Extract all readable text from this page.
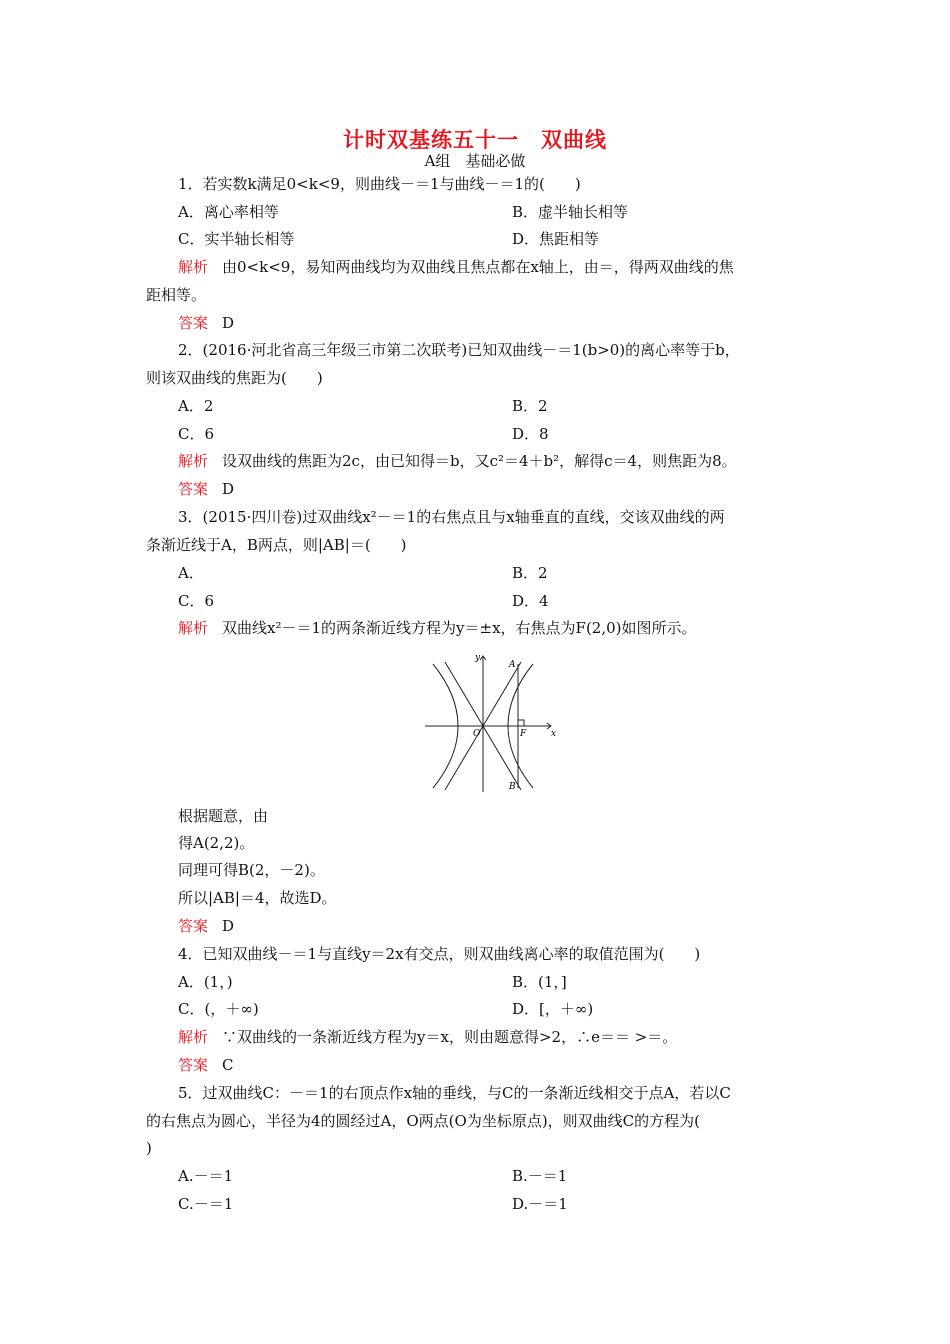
计时双基练五十一　双曲线
A组　基础必做
1．若实数k满足0<k<9，则曲线－＝1与曲线－＝1的(　　)
A．离心率相等	B．虚半轴长相等
C．实半轴长相等	D．焦距相等
解析 由0<k<9，易知两曲线均为双曲线且焦点都在x轴上，由＝，得两双曲线的焦
距相等。
答案 D
2．(2016·河北省高三年级三市第二次联考)已知双曲线－＝1(b>0)的离心率等于b，
则该双曲线的焦距为(　　)
A．2	B．2
C．6	D．8
解析 设双曲线的焦距为2c，由已知得＝b，又c²＝4＋b²，解得c＝4，则焦距为8。
答案 D
3．(2015·四川卷)过双曲线x²－＝1的右焦点且与x轴垂直的直线，交该双曲线的两
条渐近线于A，B两点，则|AB|＝(　　)
A．	B．2
C．6	D．4
解析 双曲线x²－＝1的两条渐近线方程为y＝±x，右焦点为F(2,0)如图所示。
y
x
A
B
O	F
根据题意，由
得A(2,2)。
同理可得B(2，－2)。
所以|AB|＝4，故选D。
答案 D
4．已知双曲线－＝1与直线y＝2x有交点，则双曲线离心率的取值范围为(　　)
A．(1，)	B．(1，]
C．(，＋∞)	D．[，＋∞)
解析 ∵双曲线的一条渐近线方程为y＝x，则由题意得>2，∴e＝＝ >＝。
答案 C
5．过双曲线C：－＝1的右顶点作x轴的垂线，与C的一条渐近线相交于点A，若以C
的右焦点为圆心，半径为4的圆经过A，O两点(O为坐标原点)，则双曲线C的方程为(
)
A.－＝1	B.－＝1
C.－＝1	D.－＝1
